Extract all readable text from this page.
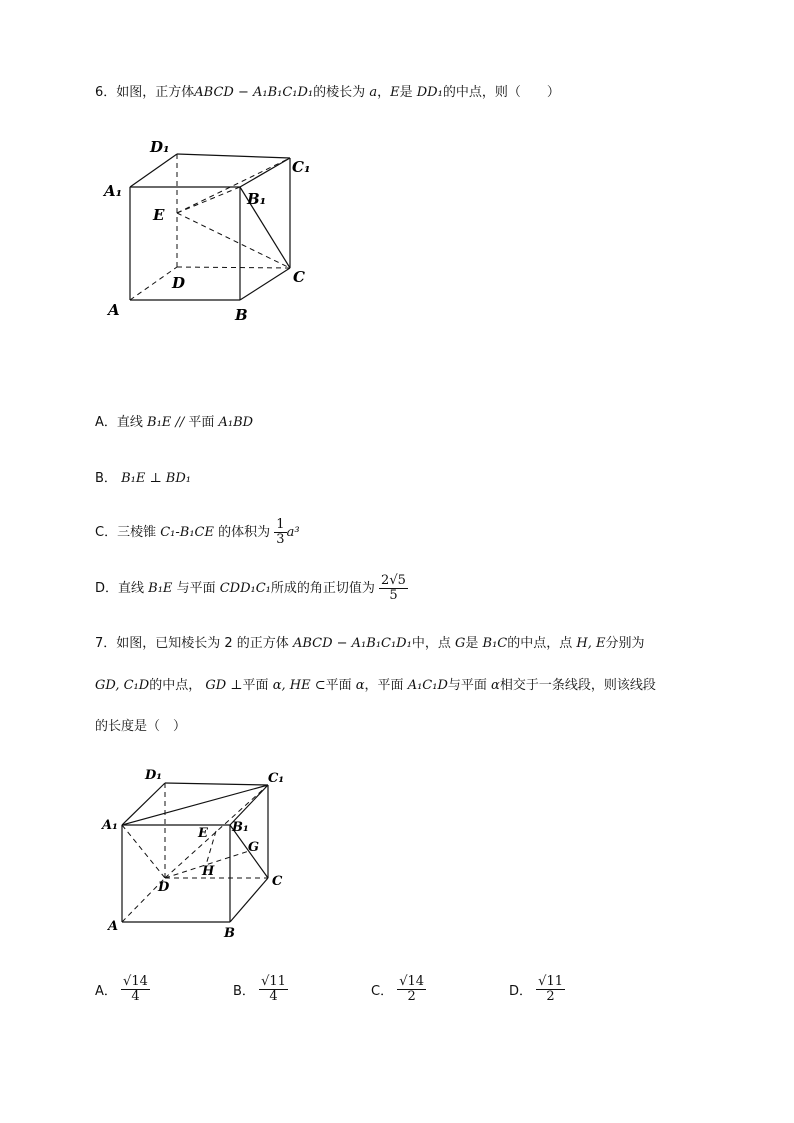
6．如图，正方体ABCD − A₁B₁C₁D₁的棱长为 a，E是 DD₁的中点，则（　　）
D₁
C₁
A₁	B₁
E
D	C
A	B
A．直线 B₁E // 平面 A₁BD
B． B₁E ⊥ BD₁
C．三棱锥 C₁-B₁CE 的体积为 $\frac{1}{3} a^3$
D．直线 B₁E 与平面 CDD₁C₁所成的角正切值为 $\frac{2√5}{5}$
7．如图，已知棱长为 2 的正方体 ABCD − A₁B₁C₁D₁中，点 G是 B₁C的中点，点 H, E分别为
GD, C₁D的中点， GD ⊥平面 α, HE ⊂平面 α，平面 A₁C₁D与平面 α相交于一条线段，则该线段
的长度是（　）
D₁	C₁
A₁
E B₁
G
H
D	C
A	B
A． $\frac{√14}{4}$	B． $\frac{√11}{4}$	C． $\frac{√14}{2}$	D． $\frac{√11}{2}$
